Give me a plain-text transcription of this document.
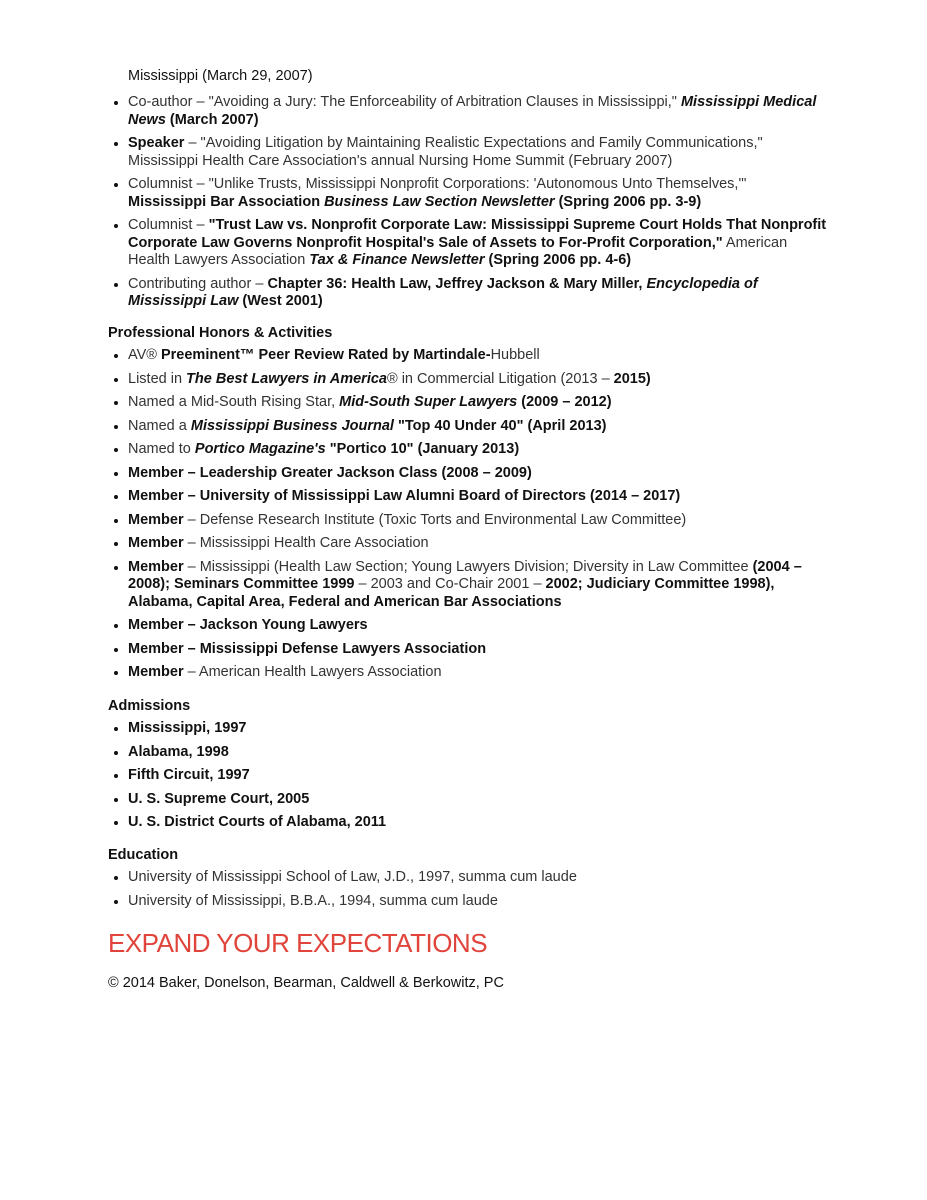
Mississippi (March 29, 2007)
Co-author – "Avoiding a Jury: The Enforceability of Arbitration Clauses in Mississippi," Mississippi Medical News (March 2007)
Speaker – "Avoiding Litigation by Maintaining Realistic Expectations and Family Communications," Mississippi Health Care Association's annual Nursing Home Summit (February 2007)
Columnist – "Unlike Trusts, Mississippi Nonprofit Corporations: 'Autonomous Unto Themselves,'" Mississippi Bar Association Business Law Section Newsletter (Spring 2006 pp. 3-9)
Columnist – "Trust Law vs. Nonprofit Corporate Law: Mississippi Supreme Court Holds That Nonprofit Corporate Law Governs Nonprofit Hospital's Sale of Assets to For-Profit Corporation," American Health Lawyers Association Tax & Finance Newsletter (Spring 2006 pp. 4-6)
Contributing author – Chapter 36: Health Law, Jeffrey Jackson & Mary Miller, Encyclopedia of Mississippi Law (West 2001)
Professional Honors & Activities
AV® Preeminent™ Peer Review Rated by Martindale-Hubbell
Listed in The Best Lawyers in America® in Commercial Litigation (2013 – 2015)
Named a Mid-South Rising Star, Mid-South Super Lawyers (2009 – 2012)
Named a Mississippi Business Journal "Top 40 Under 40" (April 2013)
Named to Portico Magazine's "Portico 10" (January 2013)
Member – Leadership Greater Jackson Class (2008 – 2009)
Member – University of Mississippi Law Alumni Board of Directors (2014 – 2017)
Member – Defense Research Institute (Toxic Torts and Environmental Law Committee)
Member – Mississippi Health Care Association
Member – Mississippi (Health Law Section; Young Lawyers Division; Diversity in Law Committee (2004 – 2008); Seminars Committee 1999 – 2003 and Co-Chair 2001 – 2002; Judiciary Committee 1998), Alabama, Capital Area, Federal and American Bar Associations
Member – Jackson Young Lawyers
Member – Mississippi Defense Lawyers Association
Member – American Health Lawyers Association
Admissions
Mississippi, 1997
Alabama, 1998
Fifth Circuit, 1997
U. S. Supreme Court, 2005
U. S. District Courts of Alabama, 2011
Education
University of Mississippi School of Law, J.D., 1997, summa cum laude
University of Mississippi, B.B.A., 1994, summa cum laude
EXPAND YOUR EXPECTATIONS
© 2014 Baker, Donelson, Bearman, Caldwell & Berkowitz, PC
